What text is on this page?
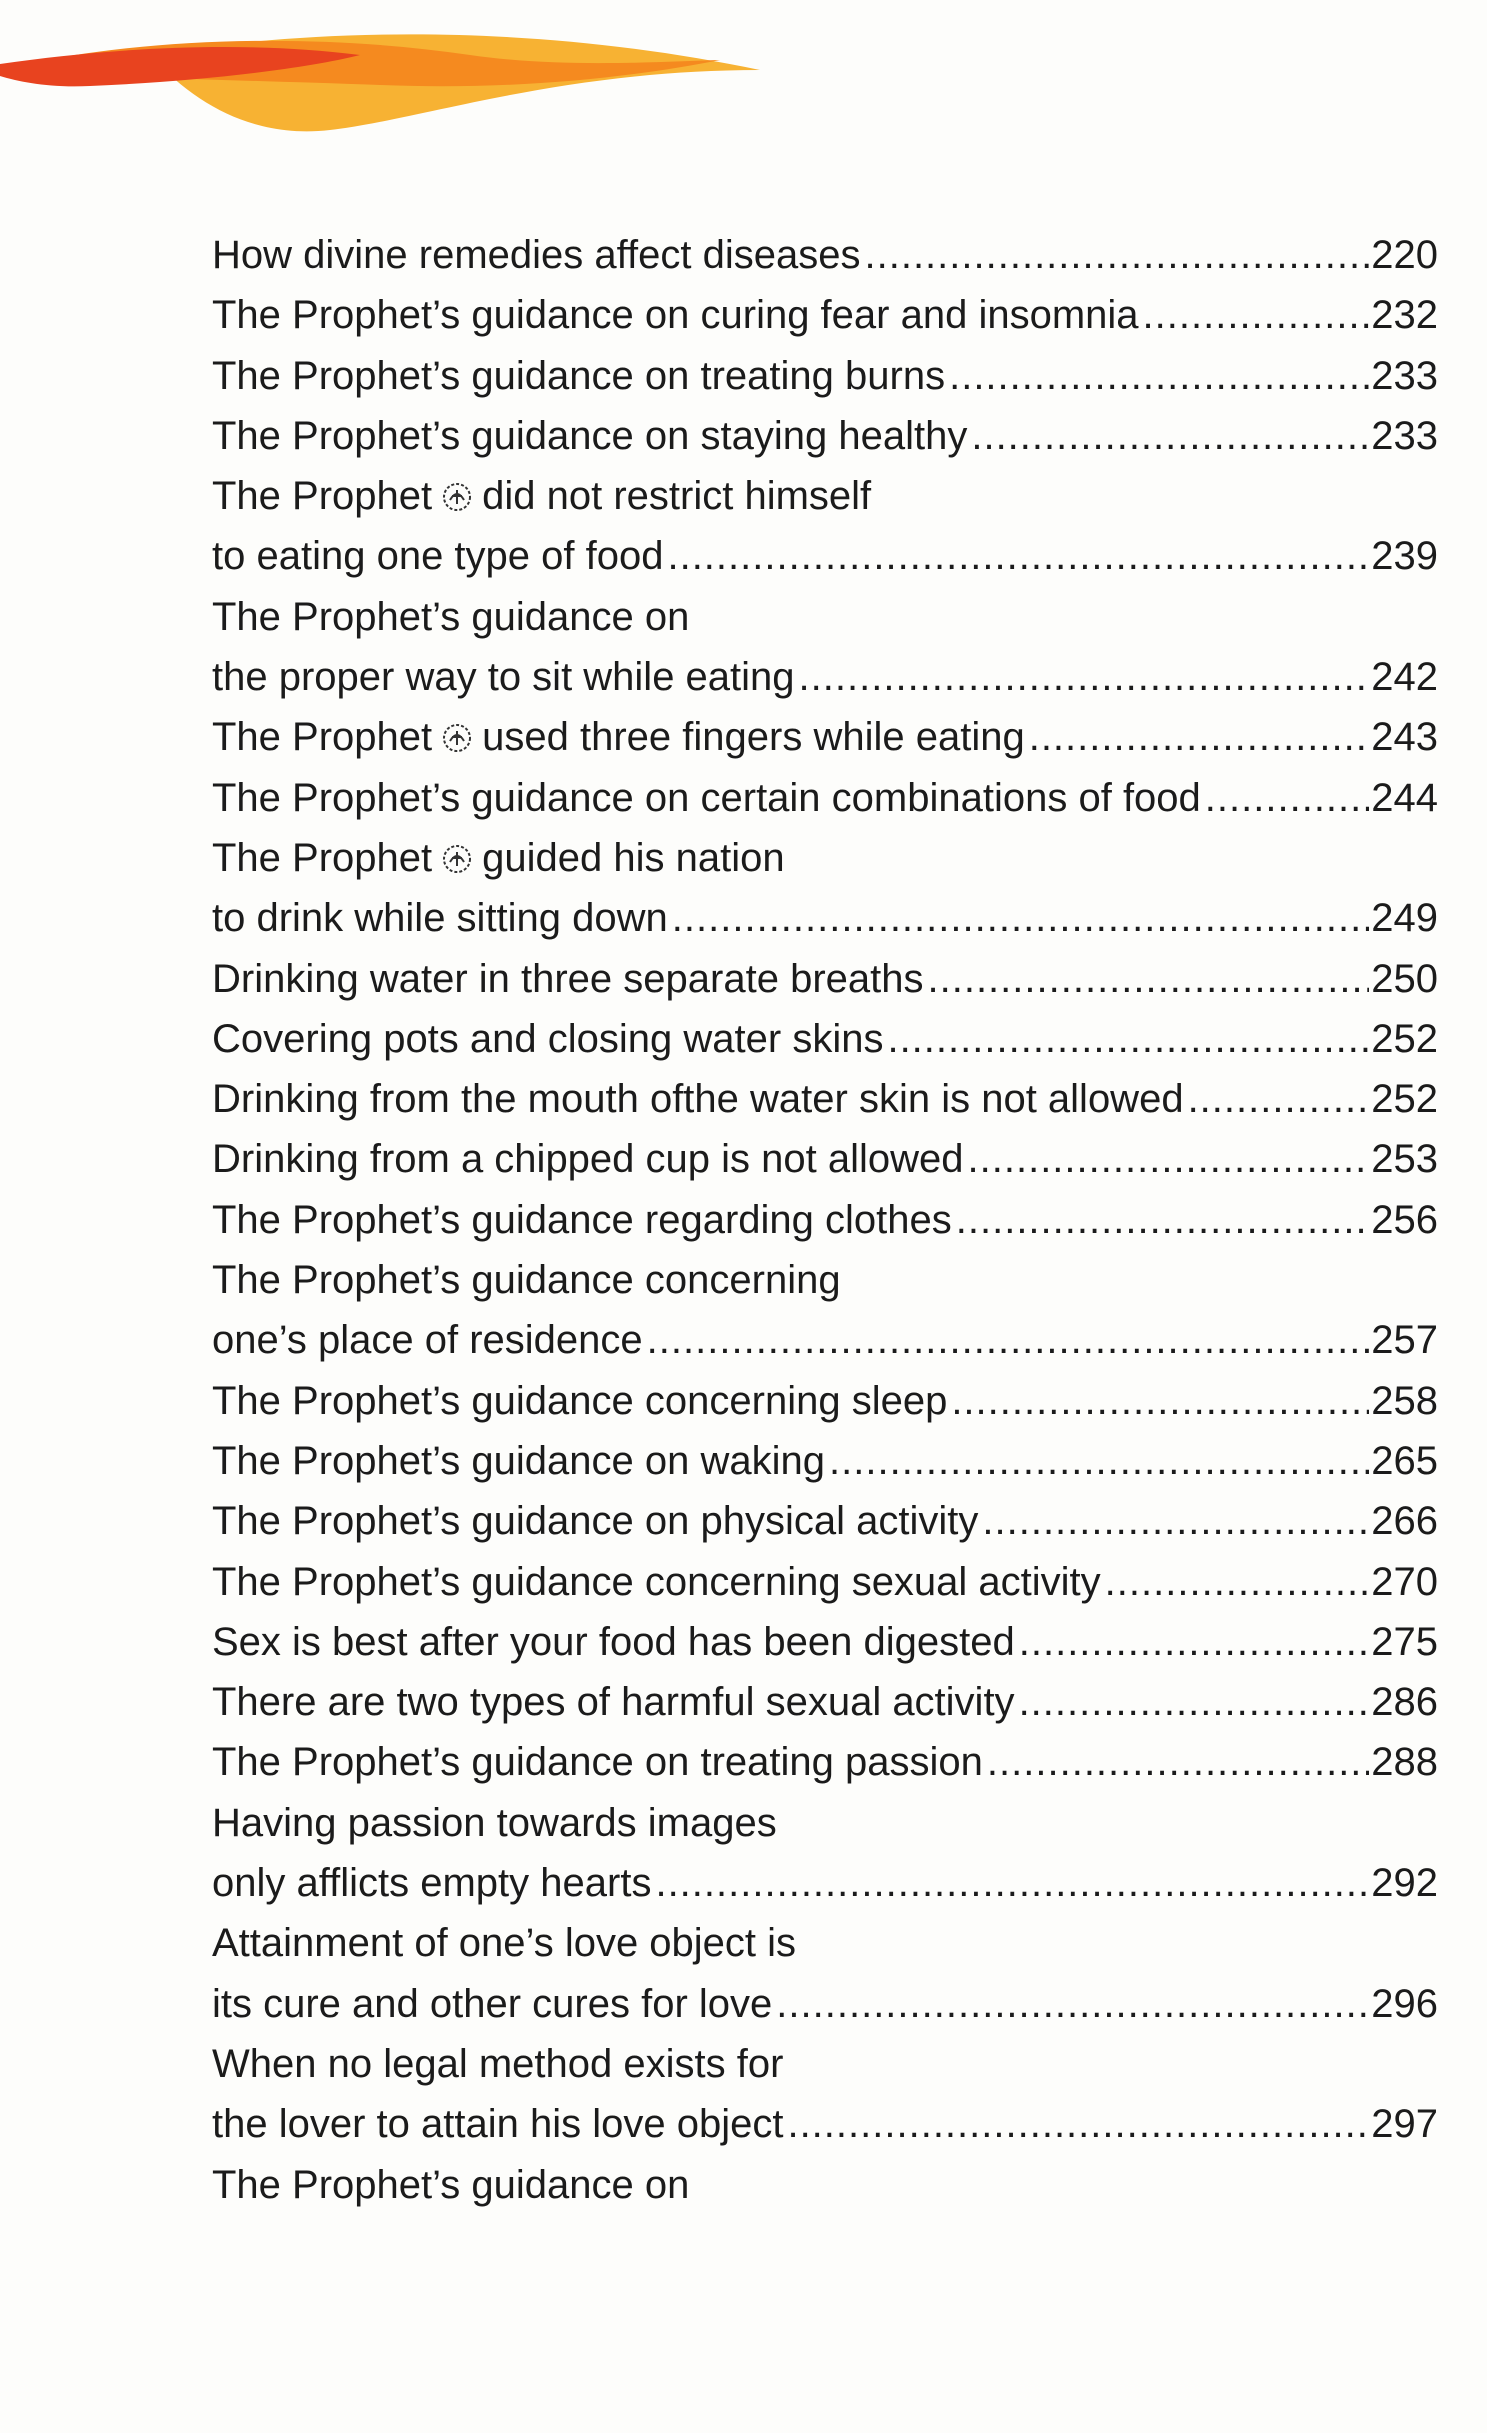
How divine remedies affect diseases .....	220
The Prophet’s guidance on curing fear and insomnia .....	232
The Prophet’s guidance on treating burns .....	233
The Prophet’s guidance on staying healthy .....	233
The Prophet did not restrict himself
to eating one type of food .....	239
The Prophet’s guidance on
the proper way to sit while eating .....	242
The Prophet used three fingers while eating .....	243
The Prophet’s guidance on certain combinations of food .....	244
The Prophet guided his nation
to drink while sitting down .....	249
Drinking water in three separate breaths .....	250
Covering pots and closing water skins .....	252
Drinking from the mouth ofthe water skin is not allowed .....	252
Drinking from a chipped cup is not allowed .....	253
The Prophet’s guidance regarding clothes .....	256
The Prophet’s guidance concerning
one’s place of residence .....	257
The Prophet’s guidance concerning sleep .....	258
The Prophet’s guidance on waking .....	265
The Prophet’s guidance on physical activity .....	266
The Prophet’s guidance concerning sexual activity .....	270
Sex is best after your food has been digested .....	275
There are two types of harmful sexual activity .....	286
The Prophet’s guidance on treating passion .....	288
Having passion towards images
only afflicts empty hearts .....	292
Attainment of one’s love object is
its cure and other cures for love .....	296
When no legal method exists for
the lover to attain his love object .....	297
The Prophet’s guidance on
